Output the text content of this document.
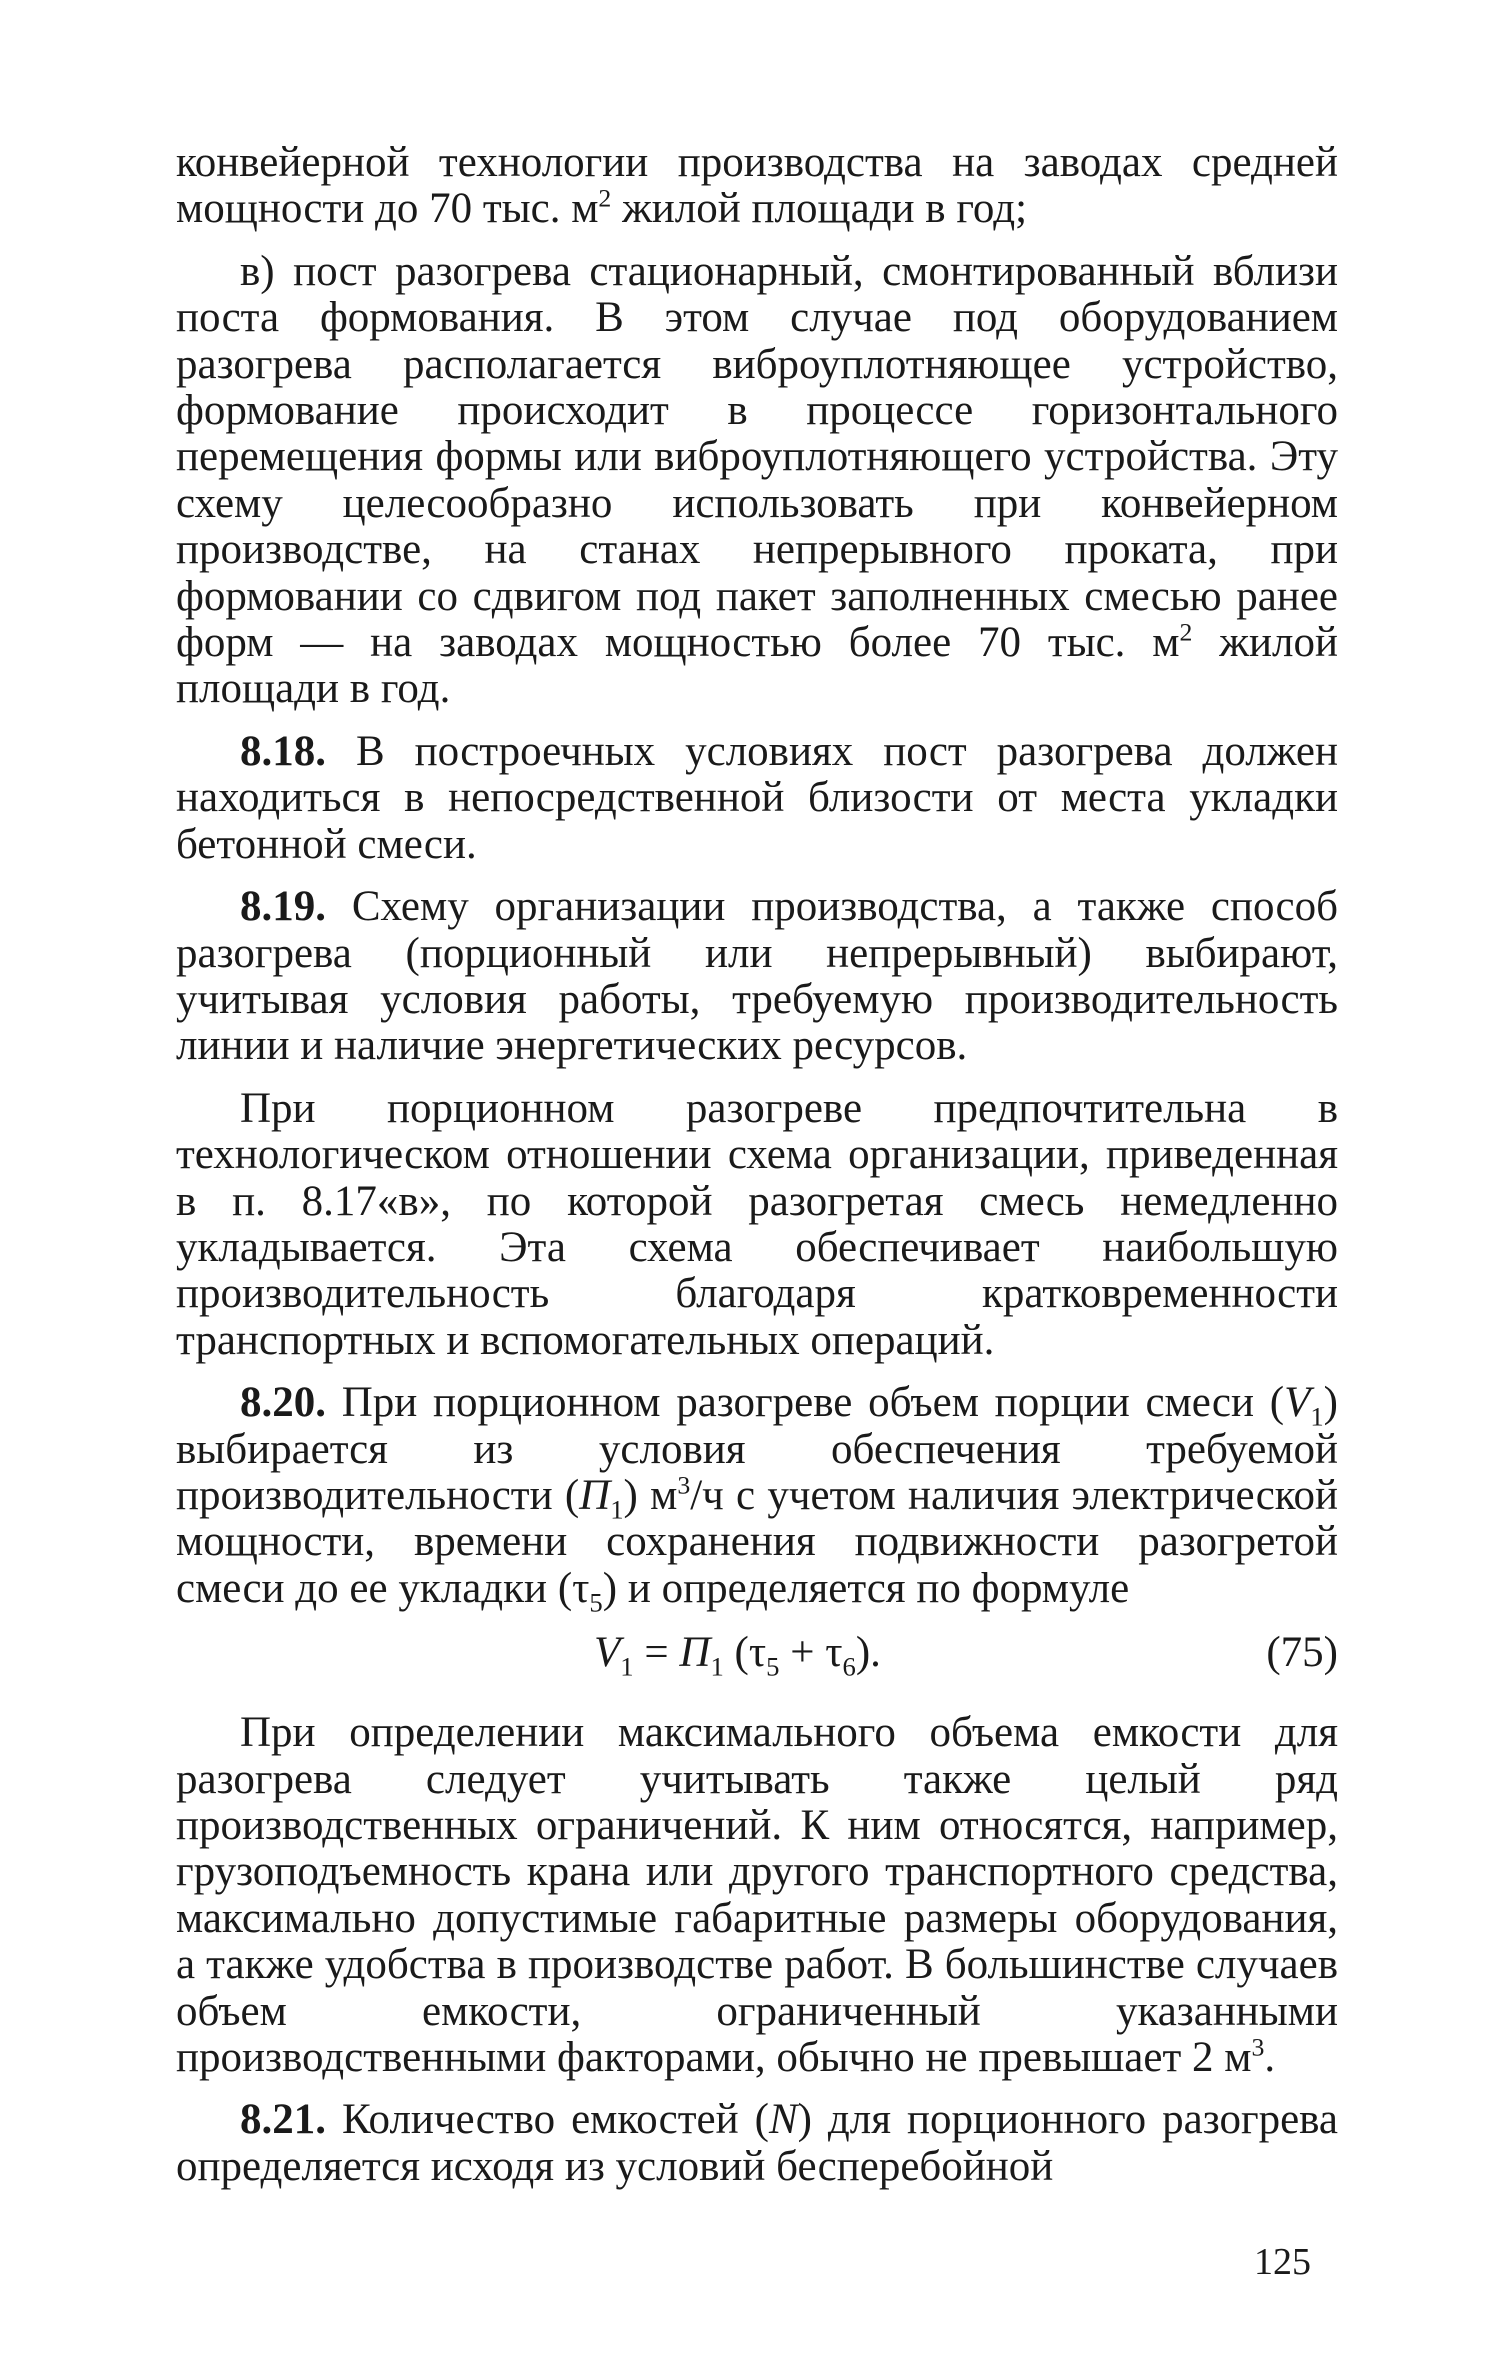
конвейерной технологии производства на заводах средней мощности до 70 тыс. $м^2$ жилой площади в год;

в) пост разогрева стационарный, смонтированный вблизи поста формования. В этом случае под оборудованием разогрева располагается виброуплотняющее устройство, формование происходит в процессе горизонтального перемещения формы или виброуплотняющего устройства. Эту схему целесообразно использовать при конвейерном производстве, на станах непрерывного проката, при формовании со сдвигом под пакет заполненных смесью ранее форм — на заводах мощностью более 70 тыс. $м^2$ жилой площади в год.

8.18. В построечных условиях пост разогрева должен находиться в непосредственной близости от места укладки бетонной смеси.

8.19. Схему организации производства, а также способ разогрева (порционный или непрерывный) выбирают, учитывая условия работы, требуемую производительность линии и наличие энергетических ресурсов.

При порционном разогреве предпочтительна в технологическом отношении схема организации, приведенная в п. 8.17«в», по которой разогретая смесь немедленно укладывается. Эта схема обеспечивает наибольшую производительность благодаря кратковременности транспортных и вспомогательных операций.

8.20. При порционном разогреве объем порции смеси $(V_1)$ выбирается из условия обеспечения требуемой производительности $(П_1)$ $м^3/ч$ с учетом наличия электрической мощности, времени сохранения подвижности разогретой смеси до ее укладки $(\tau_5)$ и определяется по формуле

$V_1 = П_1$ $(\tau_5 + \tau_6)$.	(75)

При определении максимального объема емкости для разогрева следует учитывать также целый ряд производственных ограничений. К ним относятся, например, грузоподъемность крана или другого транспортного средства, максимально допустимые габаритные размеры оборудования, а также удобства в производстве работ. В большинстве случаев объем емкости, ограниченный указанными производственными факторами, обычно не превышает 2 $м^3$.

8.21. Количество емкостей (N) для порционного разогрева определяется исходя из условий бесперебойной

125
